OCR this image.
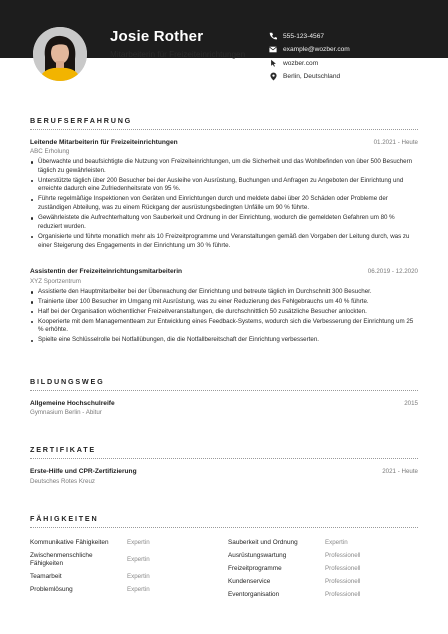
Josie Rother
Mitarbeiterin für Freizeiteinrichtungen
555-123-4567
example@wozber.com
wozber.com
Berlin, Deutschland
BERUFSERFAHRUNG
Leitende Mitarbeiterin für Freizeiteinrichtungen	01.2021 - Heute
ABC Erholung
Überwachte und beaufsichtigte die Nutzung von Freizeiteinrichtungen, um die Sicherheit und das Wohlbefinden von über 500 Besuchern täglich zu gewährleisten.
Unterstützte täglich über 200 Besucher bei der Ausleihe von Ausrüstung, Buchungen und Anfragen zu Angeboten der Einrichtung und erreichte dadurch eine Zufriedenheitsrate von 95 %.
Führte regelmäßige Inspektionen von Geräten und Einrichtungen durch und meldete dabei über 20 Schäden oder Probleme der zuständigen Abteilung, was zu einem Rückgang der ausrüstungsbedingten Unfälle um 90 % führte.
Gewährleistete die Aufrechterhaltung von Sauberkeit und Ordnung in der Einrichtung, wodurch die gemeldeten Gefahren um 80 % reduziert wurden.
Organisierte und führte monatlich mehr als 10 Freizeitprogramme und Veranstaltungen gemäß den Vorgaben der Leitung durch, was zu einer Steigerung des Engagements in der Einrichtung um 30 % führte.
Assistentin der Freizeiteinrichtungsmitarbeiterin	06.2019 - 12.2020
XYZ Sportzentrum
Assistierte den Hauptmitarbeiter bei der Überwachung der Einrichtung und betreute täglich im Durchschnitt 300 Besucher.
Trainierte über 100 Besucher im Umgang mit Ausrüstung, was zu einer Reduzierung des Fehlgebrauchs um 40 % führte.
Half bei der Organisation wöchentlicher Freizeitveranstaltungen, die durchschnittlich 50 zusätzliche Besucher anlockten.
Kooperierte mit dem Managementteam zur Entwicklung eines Feedback-Systems, wodurch sich die Verbesserung der Einrichtung um 25 % erhöhte.
Spielte eine Schlüsselrolle bei Notfallübungen, die die Notfallbereitschaft der Einrichtung verbesserten.
BILDUNGSWEG
Allgemeine Hochschulreife	2015
Gymnasium Berlin - Abitur
ZERTIFIKATE
Erste-Hilfe und CPR-Zertifizierung	2021 - Heute
Deutsches Rotes Kreuz
FÄHIGKEITEN
Kommunikative Fähigkeiten	Expertin
Zwischenmenschliche Fähigkeiten	Expertin
Teamarbeit	Expertin
Problemlösung	Expertin
Sauberkeit und Ordnung	Expertin
Ausrüstungswartung	Professionell
Freizeitprogramme	Professionell
Kundenservice	Professionell
Eventorganisation	Professionell
